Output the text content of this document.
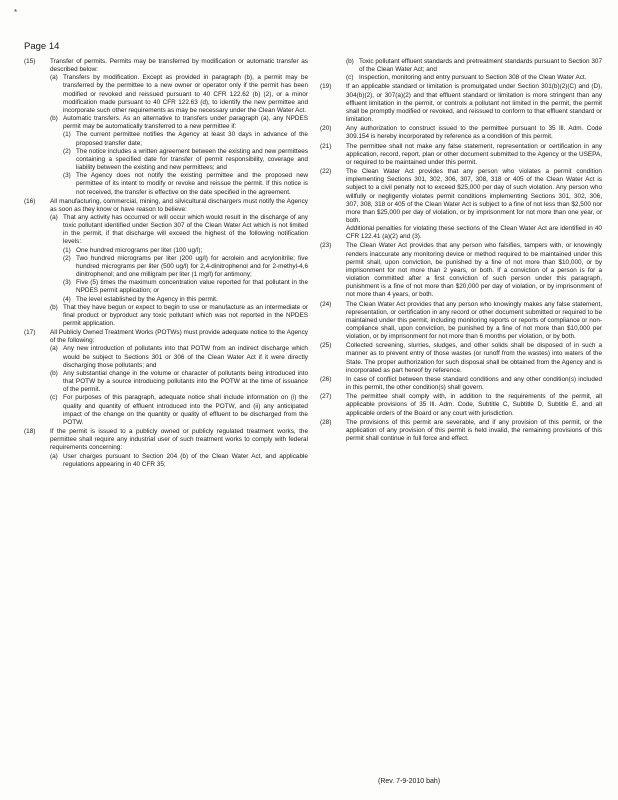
*
Page 14
(15) Transfer of permits. Permits may be transferred by modification or automatic transfer as described below:
(a) Transfers by modification. Except as provided in paragraph (b), a permit may be transferred by the permittee to a new owner or operator only if the permit has been modified or revoked and reissued pursuant to 40 CFR 122.62 (b) (2), or a minor modification made pursuant to 40 CFR 122.63 (d), to identify the new permittee and incorporate such other requirements as may be necessary under the Clean Water Act.
(b) Automatic transfers. As an alternative to transfers under paragraph (a), any NPDES permit may be automatically transferred to a new permittee if:
(1) The current permittee notifies the Agency at least 30 days in advance of the proposed transfer date;
(2) The notice includes a written agreement between the existing and new permittees containing a specified date for transfer of permit responsibility, coverage and liability between the existing and new permittees; and
(3) The Agency does not notify the existing permittee and the proposed new permittee of its intent to modify or revoke and reissue the permit. If this notice is not received, the transfer is effective on the date specified in the agreement.
(16) All manufacturing, commercial, mining, and silvicultural dischargers must notify the Agency as soon as they know or have reason to believe:
(a) That any activity has occurred or will occur which would result in the discharge of any toxic pollutant identified under Section 307 of the Clean Water Act which is not limited in the permit, if that discharge will exceed the highest of the following notification levels:
(1) One hundred micrograms per liter (100 ug/l);
(2) Two hundred micrograms per liter (200 ug/l) for acrolein and acrylonitrile; five hundred micrograms per liter (500 ug/l) for 2,4-dinitrophenol and for 2-methyl-4,6 dinitrophenol; and one milligram per liter (1 mg/l) for antimony;
(3) Five (5) times the maximum concentration value reported for that pollutant in the NPDES permit application; or
(4) The level established by the Agency in this permit.
(b) That they have begun or expect to begin to use or manufacture as an intermediate or final product or byproduct any toxic pollutant which was not reported in the NPDES permit application.
(17) All Publicly Owned Treatment Works (POTWs) must provide adequate notice to the Agency of the following:
(a) Any new introduction of pollutants into that POTW from an indirect discharge which would be subject to Sections 301 or 306 of the Clean Water Act if it were directly discharging those pollutants; and
(b) Any substantial change in the volume or character of pollutants being introduced into that POTW by a source introducing pollutants into the POTW at the time of issuance of the permit.
(c) For purposes of this paragraph, adequate notice shall include information on (i) the quality and quantity of effluent introduced into the POTW, and (ii) any anticipated impact of the change on the quantity or quality of effluent to be discharged from the POTW.
(18) If the permit is issued to a publicly owned or publicly regulated treatment works, the permittee shall require any industrial user of such treatment works to comply with federal requirements concerning:
(a) User charges pursuant to Section 204 (b) of the Clean Water Act, and applicable regulations appearing in 40 CFR 35;
(b) Toxic pollutant effluent standards and pretreatment standards pursuant to Section 307 of the Clean Water Act; and
(c) Inspection, monitoring and entry pursuant to Section 308 of the Clean Water Act.
(19) If an applicable standard or limitation is promulgated under Section 301(b)(2)(C) and (D), 304(b)(2), or 307(a)(2) and that effluent standard or limitation is more stringent than any effluent limitation in the permit, or controls a pollutant not limited in the permit, the permit shall be promptly modified or revoked, and reissued to conform to that effluent standard or limitation.
(20) Any authorization to construct issued to the permittee pursuant to 35 Ill. Adm. Code 309.154 is hereby incorporated by reference as a condition of this permit.
(21) The permittee shall not make any false statement, representation or certification in any application, record, report, plan or other document submitted to the Agency or the USEPA, or required to be maintained under this permit.
(22) The Clean Water Act provides that any person who violates a permit condition implementing Sections 301, 302, 306, 307, 308, 318 or 405 of the Clean Water Act is subject to a civil penalty not to exceed $25,000 per day of such violation. Any person who willfully or negligently violates permit conditions implementing Sections 301, 302, 306, 307, 308, 318 or 405 of the Clean Water Act is subject to a fine of not less than $2,500 nor more than $25,000 per day of violation, or by imprisonment for not more than one year, or both.
Additional penalties for violating these sections of the Clean Water Act are identified in 40 CFR 122.41 (a)(2) and (3).
(23) The Clean Water Act provides that any person who falsifies, tampers with, or knowingly renders inaccurate any monitoring device or method required to be maintained under this permit shall, upon conviction, be punished by a fine of not more than $10,000, or by imprisonment for not more than 2 years, or both. If a conviction of a person is for a violation committed after a first conviction of such person under this paragraph, punishment is a fine of not more than $20,000 per day of violation, or by imprisonment of not more than 4 years, or both.
(24) The Clean Water Act provides that any person who knowingly makes any false statement, representation, or certification in any record or other document submitted or required to be maintained under this permit, including monitoring reports or reports of compliance or non-compliance shall, upon conviction, be punished by a fine of not more than $10,000 per violation, or by imprisonment for not more than 6 months per violation, or by both.
(25) Collected screening, slurries, sludges, and other solids shall be disposed of in such a manner as to prevent entry of those wastes (or runoff from the wastes) into waters of the State. The proper authorization for such disposal shall be obtained from the Agency and is incorporated as part hereof by reference.
(26) In case of conflict between these standard conditions and any other condition(s) included in this permit, the other condition(s) shall govern.
(27) The permittee shall comply with, in addition to the requirements of the permit, all applicable provisions of 35 Ill. Adm. Code, Subtitle C, Subtitle D, Subtitle E, and all applicable orders of the Board or any court with jurisdiction.
(28) The provisions of this permit are severable, and if any provision of this permit, or the application of any provision of this permit is held invalid, the remaining provisions of this permit shall continue in full force and effect.
(Rev. 7-9-2010 bah)
